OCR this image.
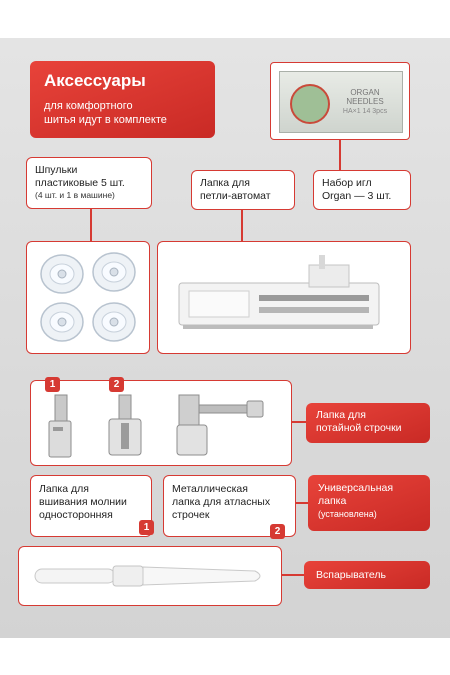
Аксессуары
для комфортного
шитья идут в комплекте
ORGAN NEEDLES
HA×1 14 3pcs
Шпульки
пластиковые 5 шт.
(4 шт. и 1 в машине)
Лапка для
петли-автомат
Набор игл
Organ — 3 шт.
1	2
Лапка для
потайной строчки
Лапка для
вшивания молнии
односторонняя
1
Металлическая
лапка для атласных
строчек
2
Универсальная
лапка
(установлена)
Вспарыватель
